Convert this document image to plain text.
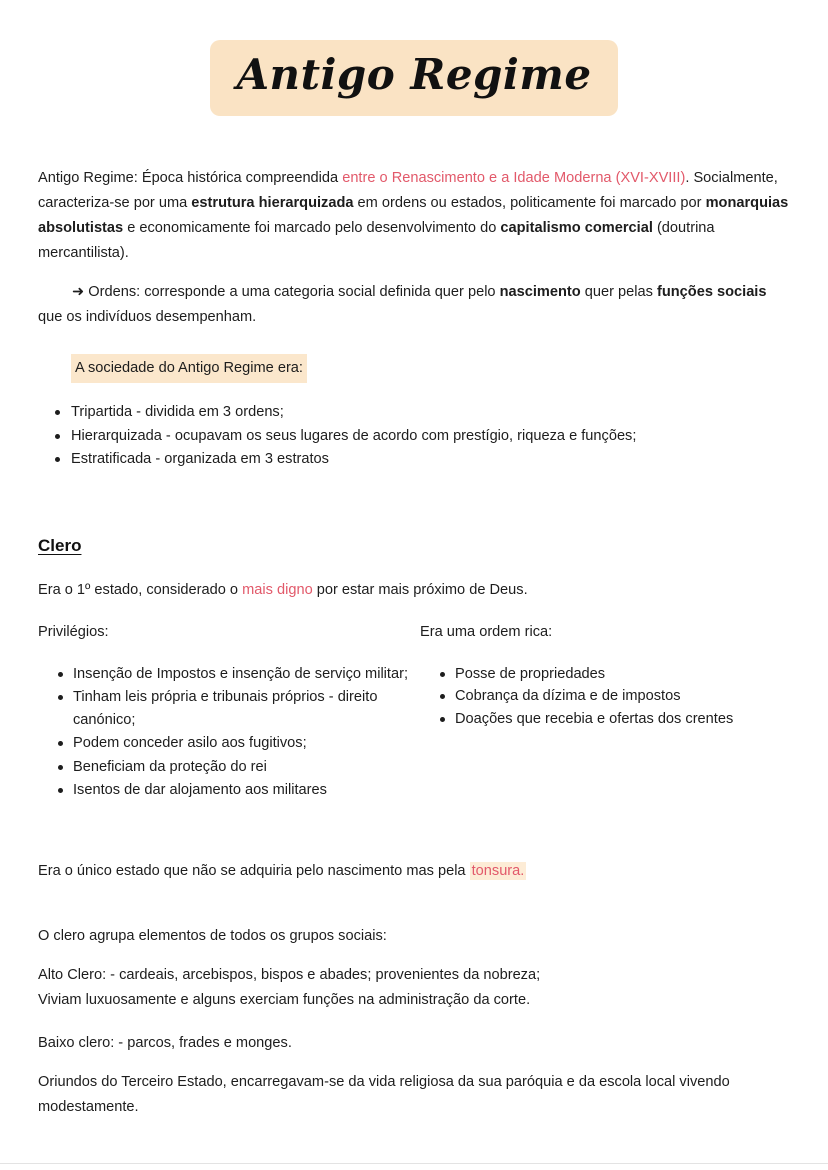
Antigo Regime

Antigo Regime: Época histórica compreendida entre o Renascimento e a Idade Moderna (XVI-XVIII). Socialmente, caracteriza-se por uma estrutura hierarquizada em ordens ou estados, politicamente foi marcado por monarquias absolutistas e economicamente foi marcado pelo desenvolvimento do capitalismo comercial (doutrina mercantilista).

➜ Ordens: corresponde a uma categoria social definida quer pelo nascimento quer pelas funções sociais que os indivíduos desempenham.

A sociedade do Antigo Regime era:
Tripartida - dividida em 3 ordens;
Hierarquizada - ocupavam os seus lugares de acordo com prestígio, riqueza e funções;
Estratificada - organizada em 3 estratos
Clero

Era o 1º estado, considerado o mais digno por estar mais próximo de Deus.

Privilégios:
Insenção de Impostos e insenção de serviço militar;
Tinham leis própria e tribunais próprios - direito canónico;
Podem conceder asilo aos fugitivos;
Beneficiam da proteção do rei
Isentos de dar alojamento aos militares
Era uma ordem rica:
Posse de propriedades
Cobrança da dízima e de impostos
Doações que recebia e ofertas dos crentes

Era o único estado que não se adquiria pelo nascimento mas pela tonsura.

O clero agrupa elementos de todos os grupos sociais:

Alto Clero: - cardeais, arcebispos, bispos e abades; provenientes da nobreza;

Viviam luxuosamente e alguns exerciam funções na administração da corte.

Baixo clero: - parcos, frades e monges.

Oriundos do Terceiro Estado, encarregavam-se da vida religiosa da sua paróquia e da escola local vivendo modestamente.
